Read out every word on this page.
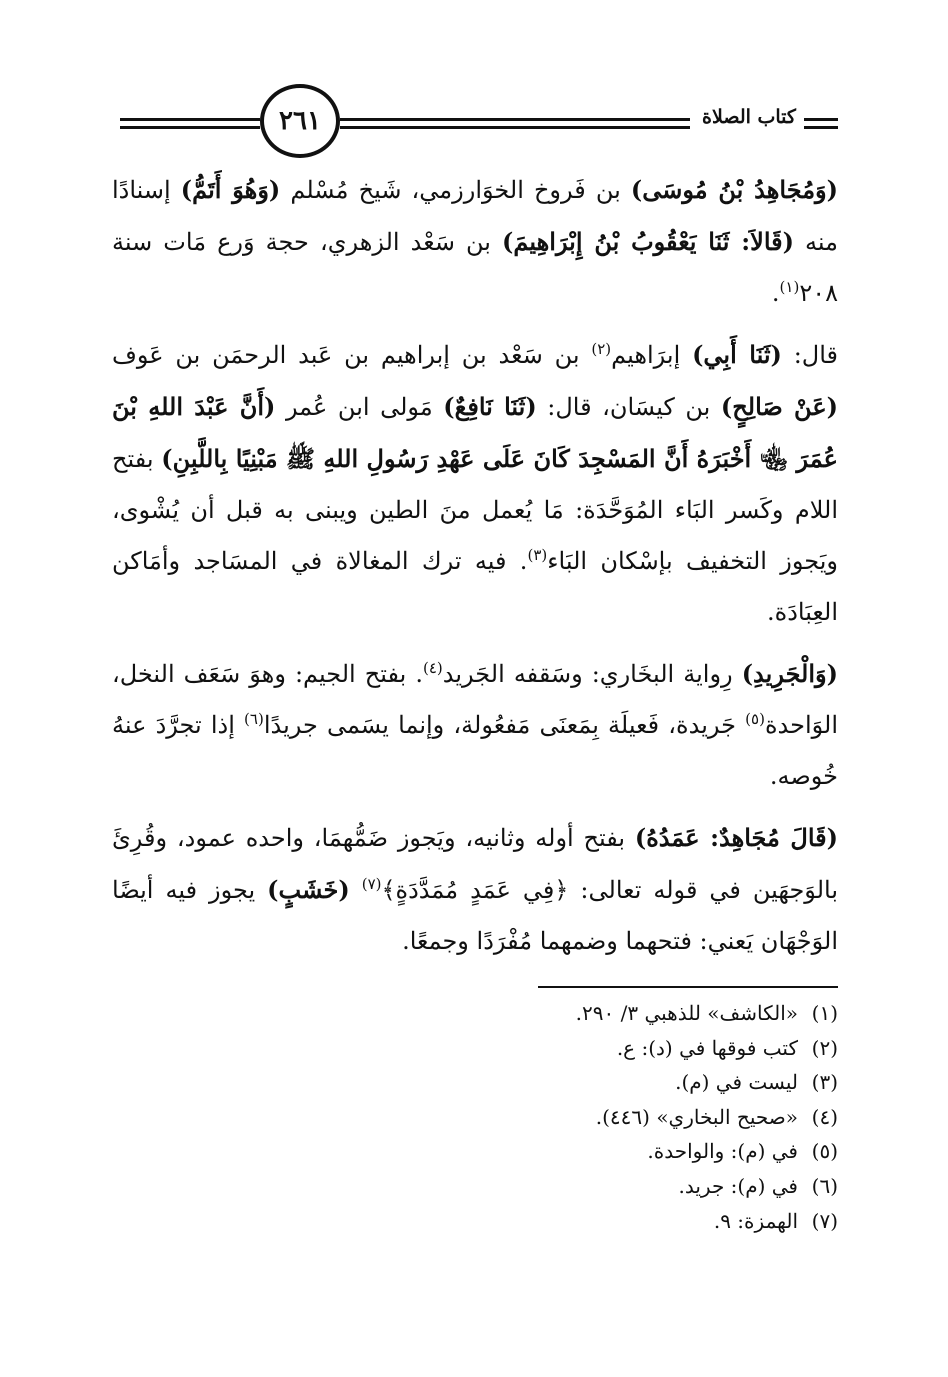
٢٦١	كتاب الصلاة

(وَمُجَاهِدُ بْنُ مُوسَى) بن فَروخ الخوَارزمي، شَيخ مُسْلم (وَهُوَ أَتَمُّ) إسنادًا منه (قَالاَ: ثَنَا يَعْقُوبُ بْنُ إِبْرَاهِيمَ) بن سَعْد الزهري، حجة وَرع مَات سنة ٢٠٨$^{(١)}$.

قال: (ثَنَا أَبِي) إبرَاهيم$^{(٢)}$ بن سَعْد بن إبراهيم بن عَبد الرحمَن بن عَوف (عَنْ صَالِحٍ) بن كيسَان، قال: (ثَنَا نَافِعٌ) مَولى ابن عُمر (أَنَّ عَبْدَ اللهِ بْنَ عُمَرَ ﵄ أَخْبَرَهُ أَنَّ المَسْجِدَ كَانَ عَلَى عَهْدِ رَسُولِ اللهِ ﷺ مَبْنِيًا بِاللَّبِنِ) بفتح اللام وكَسر البَاء المُوَحَّدَة: مَا يُعمل منَ الطين ويبنى به قبل أن يُشْوى، ويَجوز التخفيف بإسْكان البَاء$^{(٣)}$. فيه ترك المغالاة في المسَاجد وأمَاكن العِبَادَة.

(وَالْجَرِيدِ) رِواية البخَاري: وسَقفه الجَريد$^{(٤)}$. بفتح الجيم: وهوَ سَعَف النخل، الوَاحدة$^{(٥)}$ جَريدة، فَعيلَة بِمَعنَى مَفعُولة، وإنما يسَمى جريدًا$^{(٦)}$ إذا تجرَّدَ عنهُ خُوصه.

(قَالَ مُجَاهِدٌ: عَمَدُهُ) بفتح أوله وثانيه، ويَجوز ضَمُّهمَا، واحده عمود، وقُرِئَ بالوَجهَين في قوله تعالى: ﴿فِي عَمَدٍ مُمَدَّدَةٍ﴾$^{(٧)}$ (خَشَبٍ) يجوز فيه أيضًا الوَجْهَان يَعني: فتحهما وضمهما مُفْرَدًا وجمعًا.

(١)«الكاشف» للذهبي ٣/ ٢٩٠.
(٢)كتب فوقها في (د): ع.
(٣)ليست في (م).
(٤)«صحيح البخاري» (٤٤٦).
(٥)في (م): والواحدة.
(٦)في (م): جريد.
(٧)الهمزة: ٩.
